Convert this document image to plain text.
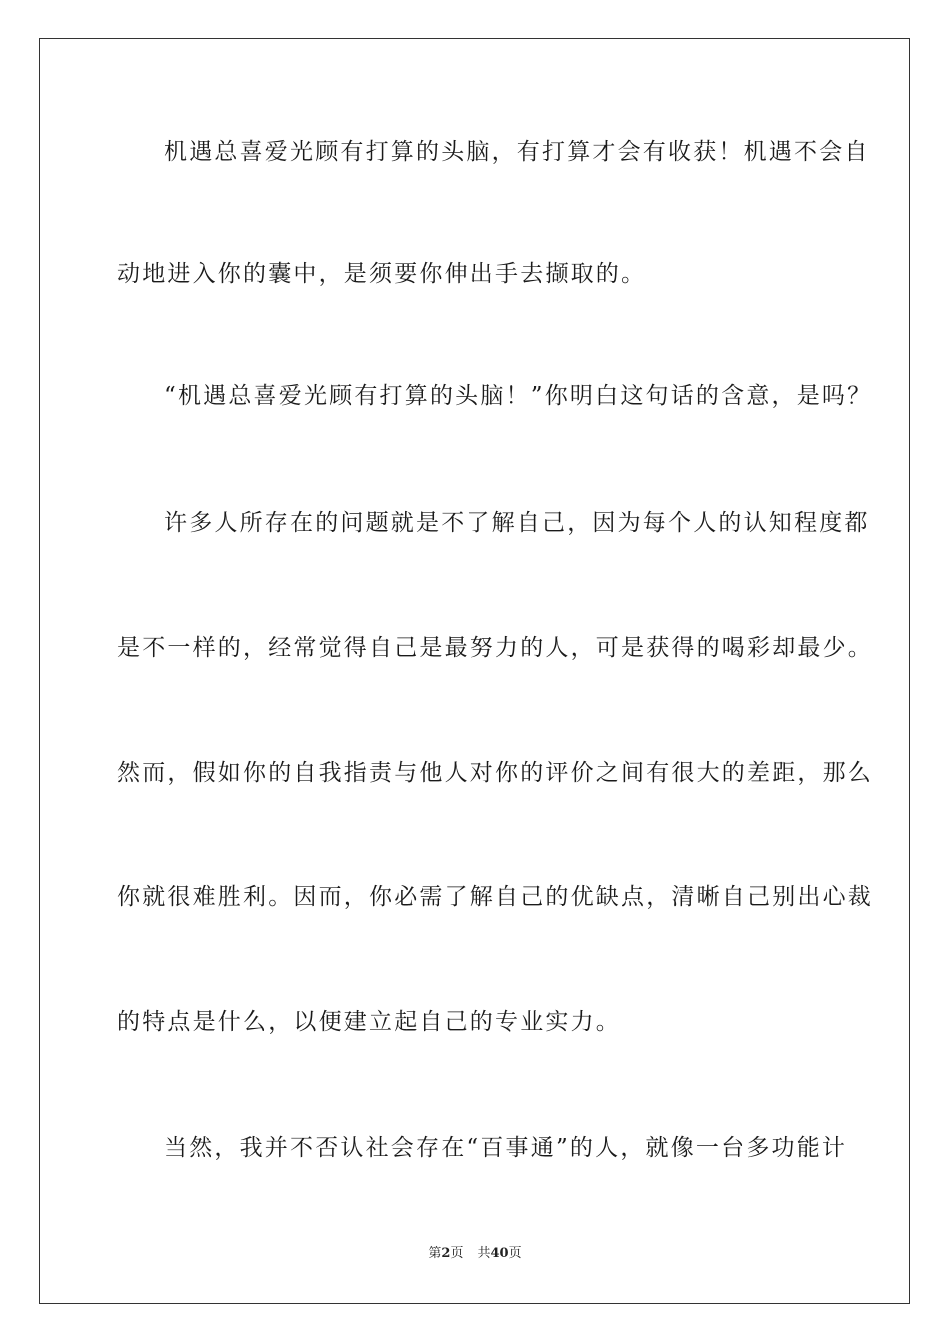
机遇总喜爱光顾有打算的头脑，有打算才会有收获！机遇不会自
动地进入你的囊中，是须要你伸出手去撷取的。
“机遇总喜爱光顾有打算的头脑！”你明白这句话的含意，是吗？
许多人所存在的问题就是不了解自己，因为每个人的认知程度都
是不一样的，经常觉得自己是最努力的人，可是获得的喝彩却最少。
然而，假如你的自我指责与他人对你的评价之间有很大的差距，那么
你就很难胜利。因而，你必需了解自己的优缺点，清晰自己别出心裁
的特点是什么，以便建立起自己的专业实力。
当然，我并不否认社会存在“百事通”的人，就像一台多功能计
第2页 共40页
